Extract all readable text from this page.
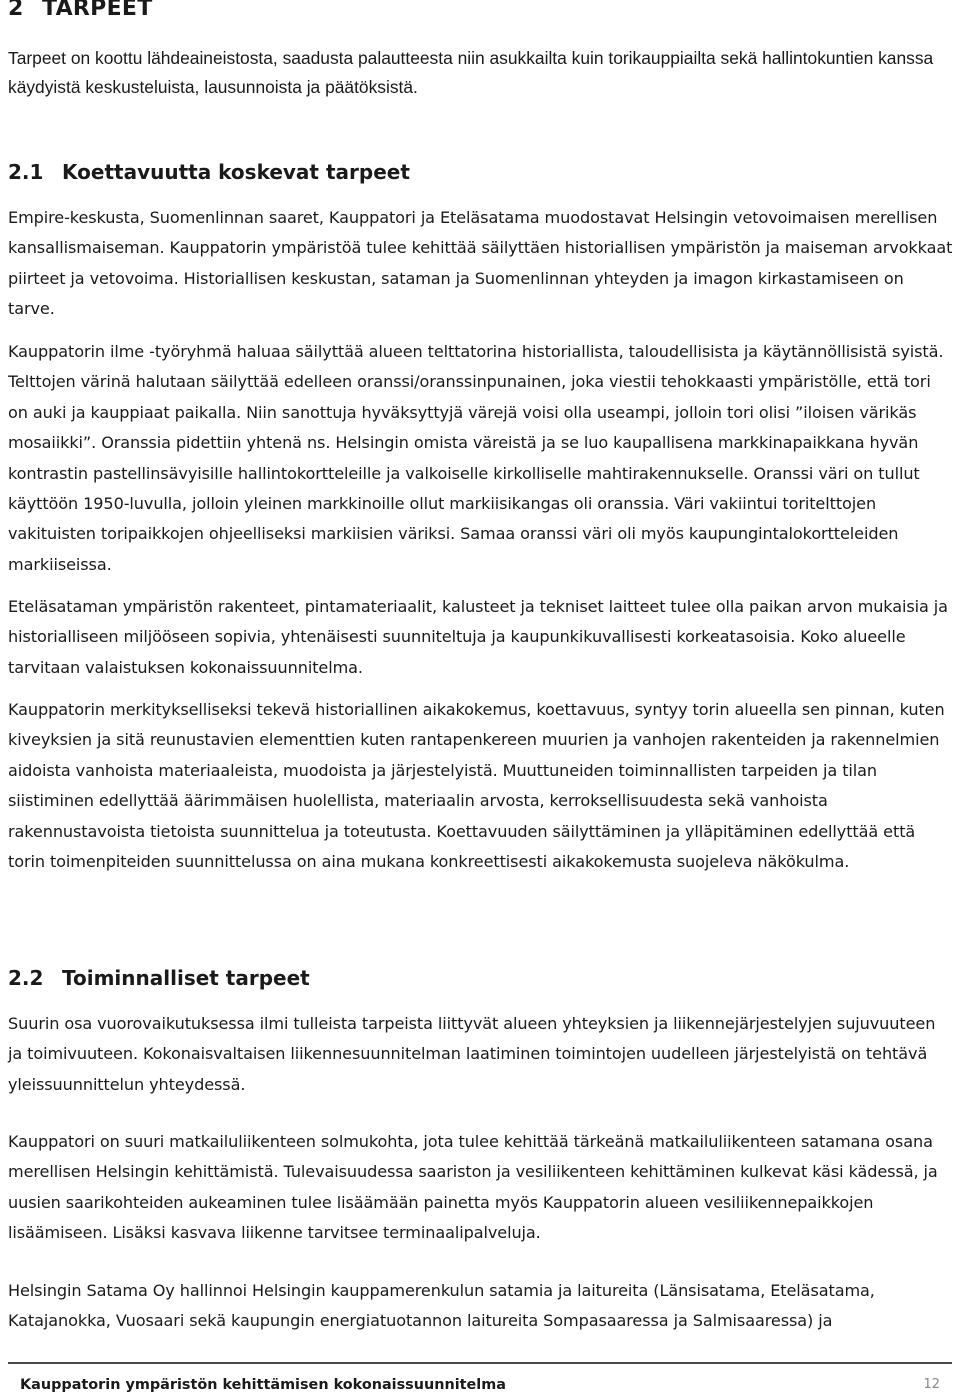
2 TARPEET

Tarpeet on koottu lähdeaineistosta, saadusta palautteesta niin asukkailta kuin torikauppiailta sekä hallintokuntien kanssa käydyistä keskusteluista, lausunnoista ja päätöksistä.

2.1 Koettavuutta koskevat tarpeet

Empire-keskusta, Suomenlinnan saaret, Kauppatori ja Eteläsatama muodostavat Helsingin vetovoimaisen merellisen kansallismaiseman. Kauppatorin ympäristöä tulee kehittää säilyttäen historiallisen ympäristön ja maiseman arvokkaat piirteet ja vetovoima. Historiallisen keskustan, sataman ja Suomenlinnan yhteyden ja imagon kirkastamiseen on tarve.

Kauppatorin ilme -työryhmä haluaa säilyttää alueen telttatorina historiallista, taloudellisista ja käytännöllisistä syistä. Telttojen värinä halutaan säilyttää edelleen oranssi/oranssinpunainen, joka viestii tehokkaasti ympäristölle, että tori on auki ja kauppiaat paikalla. Niin sanottuja hyväksyttyjä värejä voisi olla useampi, jolloin tori olisi ”iloisen värikäs mosaiikki”. Oranssia pidettiin yhtenä ns. Helsingin omista väreistä ja se luo kaupallisena markkinapaikkana hyvän kontrastin pastellinsävyisille hallintokortteleille ja valkoiselle kirkolliselle mahtirakennukselle. Oranssi väri on tullut käyttöön 1950-luvulla, jolloin yleinen markkinoille ollut markiisikangas oli oranssia. Väri vakiintui toritelttojen vakituisten toripaikkojen ohjeelliseksi markiisien väriksi. Samaa oranssi väri oli myös kaupungintalokortteleiden markiiseissa.

Eteläsataman ympäristön rakenteet, pintamateriaalit, kalusteet ja tekniset laitteet tulee olla paikan arvon mukaisia ja historialliseen miljööseen sopivia, yhtenäisesti suunniteltuja ja kaupunkikuvallisesti korkeatasoisia. Koko alueelle tarvitaan valaistuksen kokonaissuunnitelma.

Kauppatorin merkitykselliseksi tekevä historiallinen aikakokemus, koettavuus, syntyy torin alueella sen pinnan, kuten kiveyksien ja sitä reunustavien elementtien kuten rantapenkereen muurien ja vanhojen rakenteiden ja rakennelmien aidoista vanhoista materiaaleista, muodoista ja järjestelyistä. Muuttuneiden toiminnallisten tarpeiden ja tilan siistiminen edellyttää äärimmäisen huolellista, materiaalin arvosta, kerroksellisuudesta sekä vanhoista rakennustavoista tietoista suunnittelua ja toteutusta. Koettavuuden säilyttäminen ja ylläpitäminen edellyttää että torin toimenpiteiden suunnittelussa on aina mukana konkreettisesti aikakokemusta suojeleva näkökulma.

2.2 Toiminnalliset tarpeet

Suurin osa vuorovaikutuksessa ilmi tulleista tarpeista liittyvät alueen yhteyksien ja liikennejärjestelyjen sujuvuuteen ja toimivuuteen. Kokonaisvaltaisen liikennesuunnitelman laatiminen toimintojen uudelleen järjestelyistä on tehtävä yleissuunnittelun yhteydessä.

Kauppatori on suuri matkailuliikenteen solmukohta, jota tulee kehittää tärkeänä matkailuliikenteen satamana osana merellisen Helsingin kehittämistä. Tulevaisuudessa saariston ja vesiliikenteen kehittäminen kulkevat käsi kädessä, ja uusien saarikohteiden aukeaminen tulee lisäämään painetta myös Kauppatorin alueen vesiliikennepaikkojen lisäämiseen. Lisäksi kasvava liikenne tarvitsee terminaalipalveluja.

Helsingin Satama Oy hallinnoi Helsingin kauppamerenkulun satamia ja laitureita (Länsisatama, Eteläsatama, Katajanokka, Vuosaari sekä kaupungin energiatuotannon laitureita Sompasaaressa ja Salmisaaressa) ja

Kauppatorin ympäristön kehittämisen kokonaissuunnitelma	12
